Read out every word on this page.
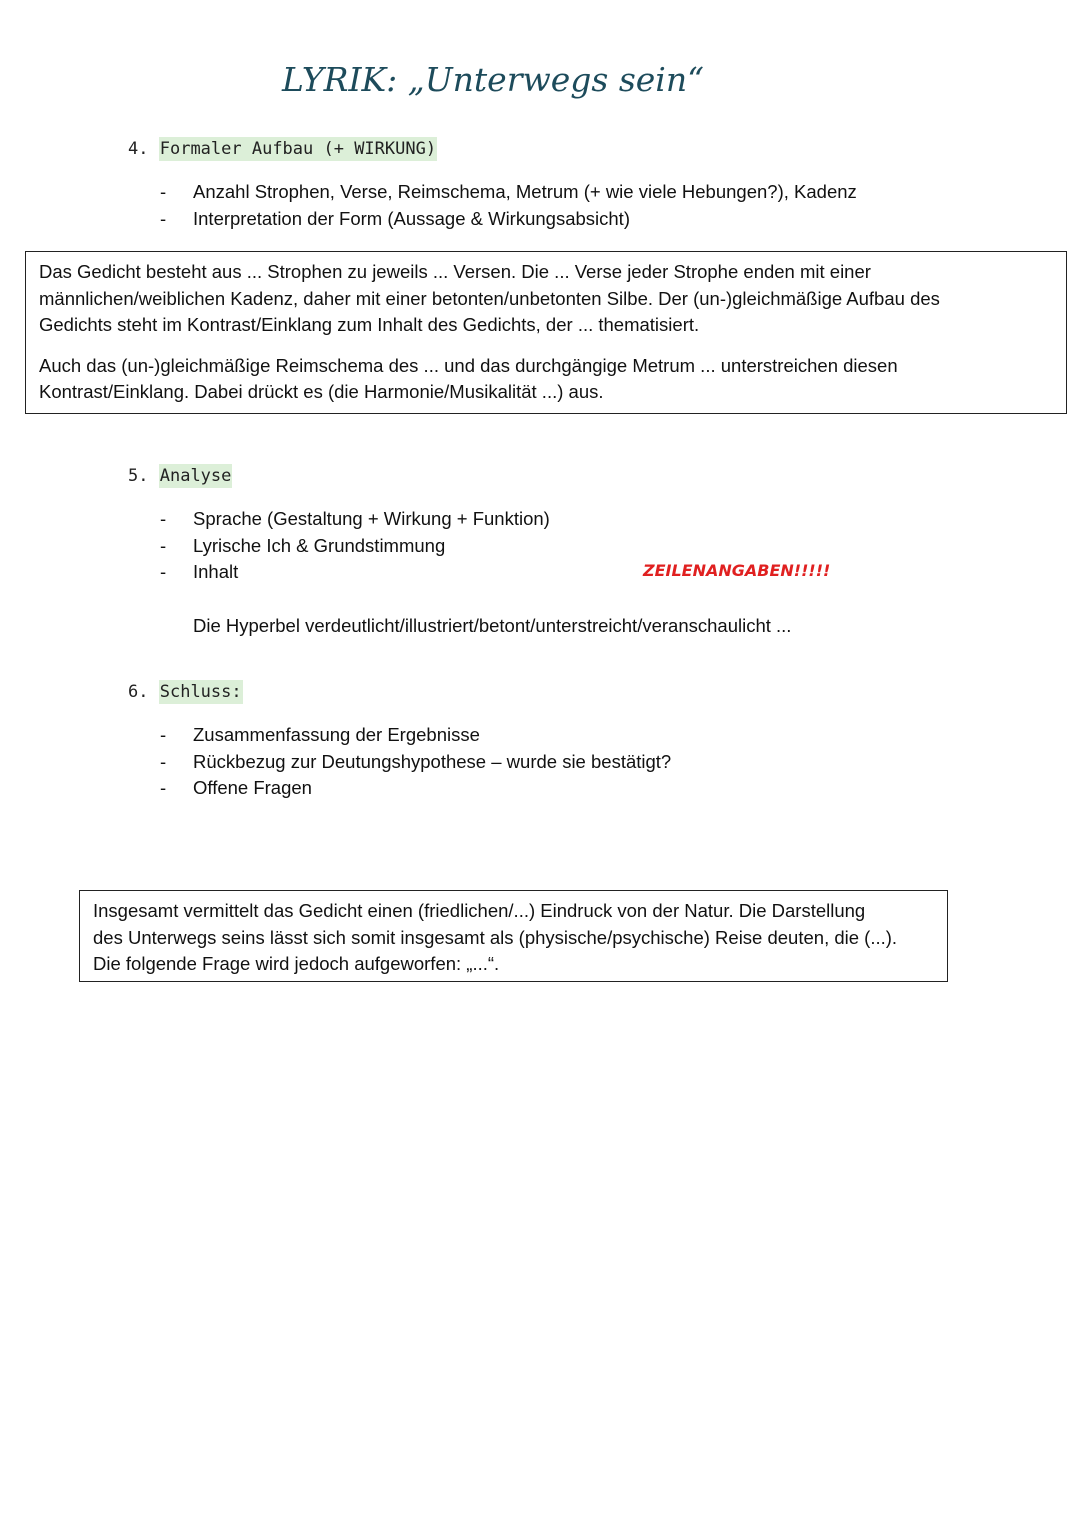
LYRIK: „Unterwegs sein“
4. Formaler Aufbau (+ WIRKUNG)
- Anzahl Strophen, Verse, Reimschema, Metrum (+ wie viele Hebungen?), Kadenz
- Interpretation der Form (Aussage & Wirkungsabsicht)

Das Gedicht besteht aus ... Strophen zu jeweils ... Versen. Die ... Verse jeder Strophe enden mit einer
männlichen/weiblichen Kadenz, daher mit einer betonten/unbetonten Silbe. Der (un-)gleichmäßige Aufbau des
Gedichts steht im Kontrast/Einklang zum Inhalt des Gedichts, der ... thematisiert.

Auch das (un-)gleichmäßige Reimschema des ... und das durchgängige Metrum ... unterstreichen diesen
Kontrast/Einklang. Dabei drückt es (die Harmonie/Musikalität ...) aus.

5. Analyse
- Sprache (Gestaltung + Wirkung + Funktion)
- Lyrische Ich & Grundstimmung
- Inhalt	ZEILENANGABEN!!!!!
Die Hyperbel verdeutlicht/illustriert/betont/unterstreicht/veranschaulicht ...
6. Schluss:
- Zusammenfassung der Ergebnisse
- Rückbezug zur Deutungshypothese – wurde sie bestätigt?
- Offene Fragen

Insgesamt vermittelt das Gedicht einen (friedlichen/...) Eindruck von der Natur. Die Darstellung
des Unterwegs seins lässt sich somit insgesamt als (physische/psychische) Reise deuten, die (...).
Die folgende Frage wird jedoch aufgeworfen: „...“.
